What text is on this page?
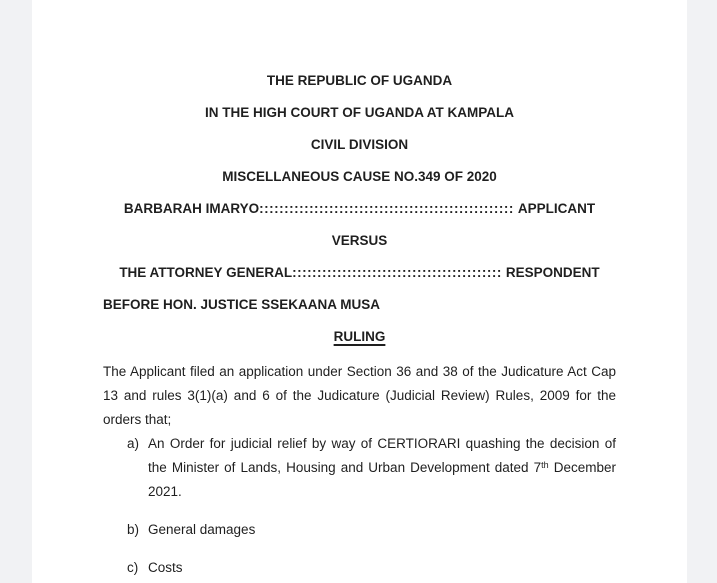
THE REPUBLIC OF UGANDA
IN THE HIGH COURT OF UGANDA AT KAMPALA
CIVIL DIVISION
MISCELLANEOUS CAUSE NO.349 OF 2020
BARBARAH IMARYO::::::::::::::::::::::::::::::::::::::::::::::::::: APPLICANT
VERSUS
THE ATTORNEY GENERAL:::::::::::::::::::::::::::::::::::::::::: RESPONDENT
BEFORE HON. JUSTICE SSEKAANA MUSA
RULING

The Applicant filed an application under Section 36 and 38 of the Judicature Act Cap 13 and rules 3(1)(a) and 6 of the Judicature (Judicial Review) Rules, 2009 for the orders that;

a) An Order for judicial relief by way of CERTIORARI quashing the decision of the Minister of Lands, Housing and Urban Development dated 7th December 2021.
b) General damages
c) Costs
